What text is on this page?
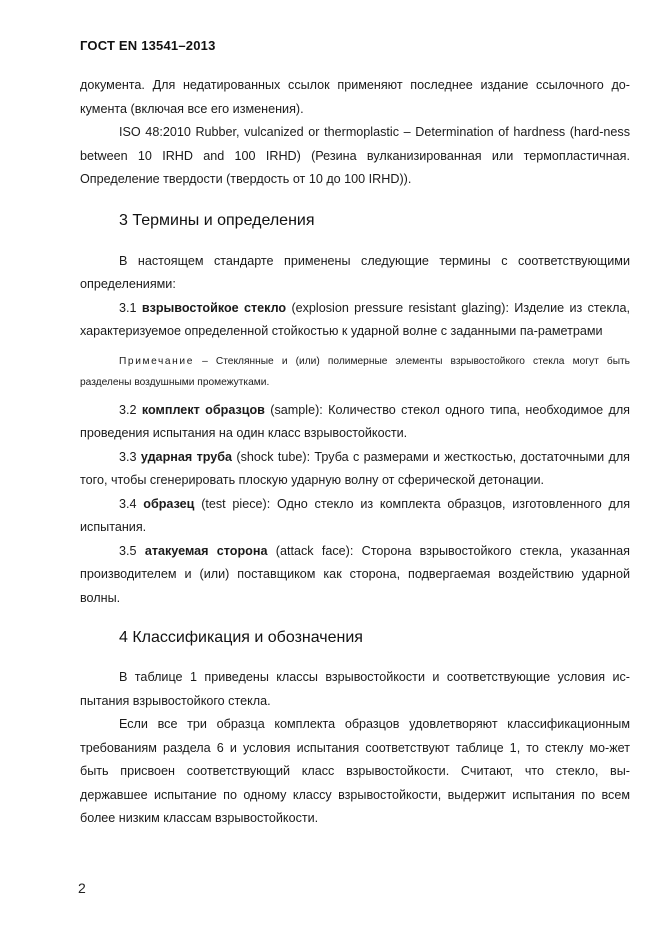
ГОСТ EN 13541–2013

документа. Для недатированных ссылок применяют последнее издание ссылочного до-кумента (включая все его изменения).

ISO 48:2010 Rubber, vulcanized or thermoplastic – Determination of hardness (hard-ness between 10 IRHD and 100 IRHD) (Резина вулканизированная или термопластичная. Определение твердости (твердость от 10 до 100 IRHD)).

3 Термины и определения

В настоящем стандарте применены следующие термины с соответствующими определениями:

3.1 взрывостойкое стекло (explosion pressure resistant glazing): Изделие из стекла, характеризуемое определенной стойкостью к ударной волне с заданными па-раметрами

Примечание – Стеклянные и (или) полимерные элементы взрывостойкого стекла могут быть разделены воздушными промежутками.

3.2 комплект образцов (sample): Количество стекол одного типа, необходимое для проведения испытания на один класс взрывостойкости.

3.3 ударная труба (shock tube): Труба с размерами и жесткостью, достаточными для того, чтобы сгенерировать плоскую ударную волну от сферической детонации.

3.4 образец (test piece): Одно стекло из комплекта образцов, изготовленного для испытания.

3.5 атакуемая сторона (attack face): Сторона взрывостойкого стекла, указанная производителем и (или) поставщиком как сторона, подвергаемая воздействию ударной волны.

4 Классификация и обозначения

В таблице 1 приведены классы взрывостойкости и соответствующие условия ис-пытания взрывостойкого стекла.

Если все три образца комплекта образцов удовлетворяют классификационным требованиям раздела 6 и условия испытания соответствуют таблице 1, то стеклу мо-жет быть присвоен соответствующий класс взрывостойкости. Считают, что стекло, вы-державшее испытание по одному классу взрывостойкости, выдержит испытания по всем более низким классам взрывостойкости.

2
